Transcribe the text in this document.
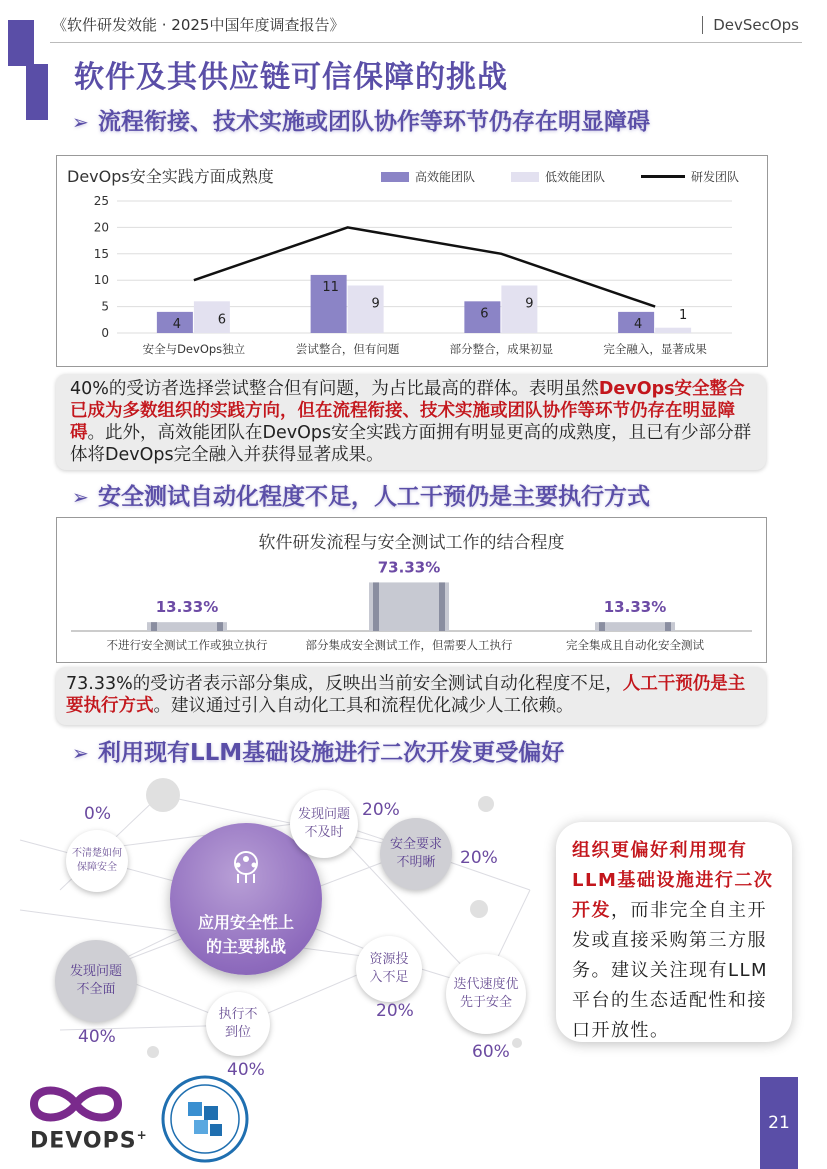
《软件研发效能 · 2025中国年度调查报告》	DevSecOps
软件及其供应链可信保障的挑战
➢ 流程衔接、技术实施或团队协作等环节仍存在明显障碍
DevOps安全实践方面成熟度	高效能团队	低效能团队	研发团队
0
5
10
15
20
25
安全与DevOps独立	尝试整合，但有问题	部分整合，成果初显	完全融入，显著成果
4
11
6
4
6
9	9
1
40%的受访者选择尝试整合但有问题，为占比最高的群体。表明虽然DevOps安全整合已成为多数组织的实践方向，但在流程衔接、技术实施或团队协作等环节仍存在明显障碍。此外，高效能团队在DevOps安全实践方面拥有明显更高的成熟度，且已有少部分群体将DevOps完全融入并获得显著成果。
➢ 安全测试自动化程度不足，人工干预仍是主要执行方式
软件研发流程与安全测试工作的结合程度
13.33%
不进行安全测试工作或独立执行
73.33%
部分集成安全测试工作，但需要人工执行
13.33%
完全集成且自动化安全测试
73.33%的受访者表示部分集成，反映出当前安全测试自动化程度不足，人工干预仍是主要执行方式。建议通过引入自动化工具和流程优化减少人工依赖。
➢ 利用现有LLM基础设施进行二次开发更受偏好
应用安全性上
的主要挑战
不清楚如何
保障安全
0%	发现问题
不及时
20%
安全要求
不明晰	20%
发现问题
不全面
40%
执行不
到位
40%
资源投
入不足
20%
迭代速度优
先于安全
60%
组织更偏好利用现有LLM基础设施进行二次开发，而非完全自主开发或直接采购第三方服务。建议关注现有LLM平台的生态适配性和接口开放性。
DEVOPS+
21
